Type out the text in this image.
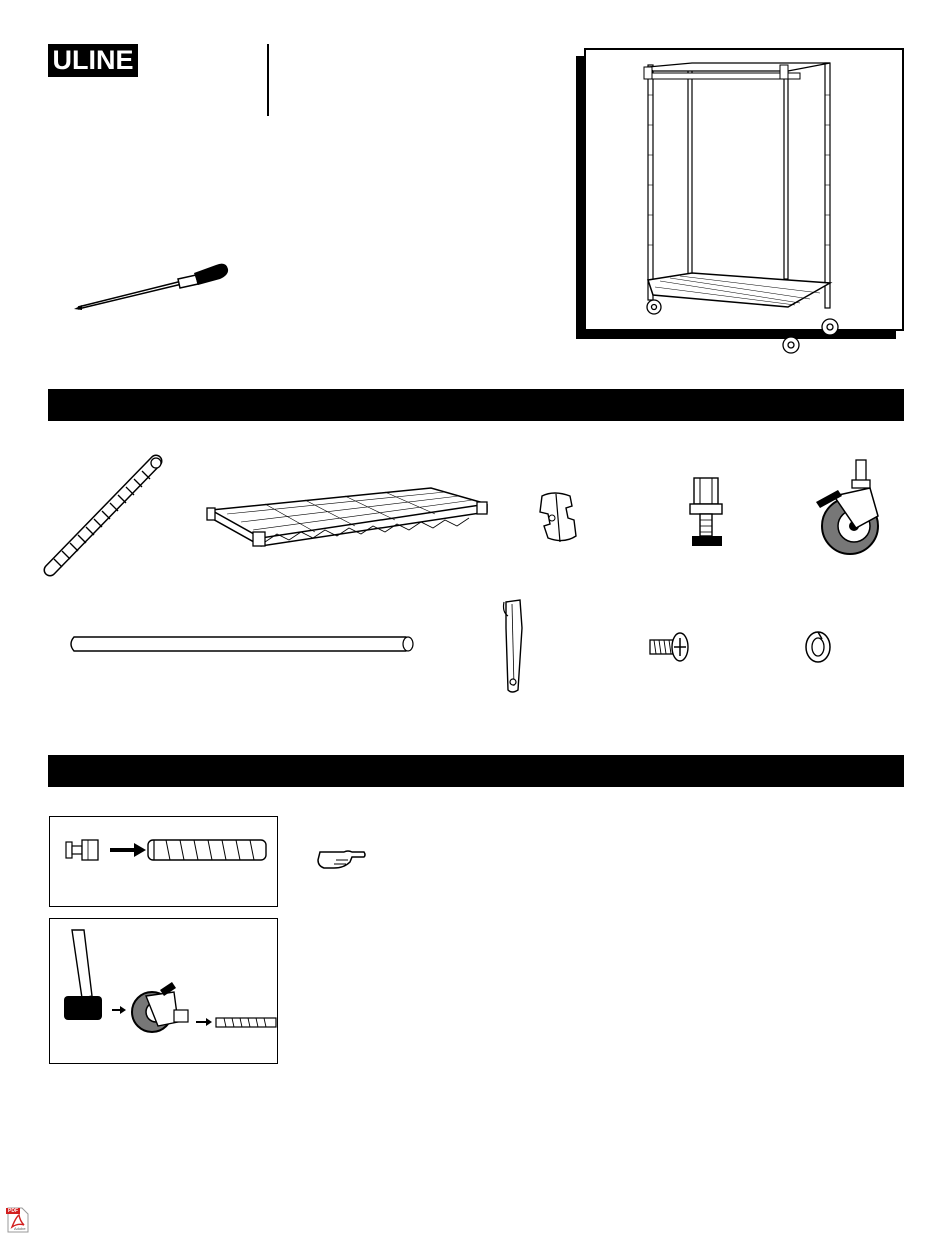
ULINE
PDF
Adobe
